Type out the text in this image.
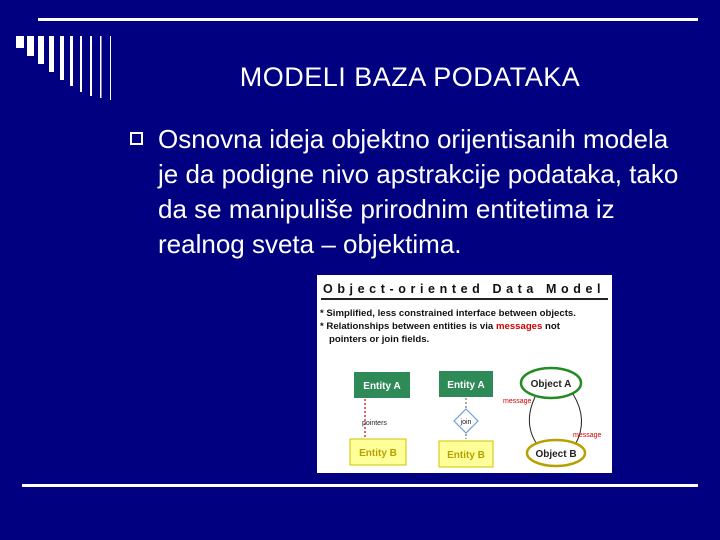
MODELI BAZA PODATAKA
Osnovna ideja objektno orijentisanih modela je da podigne nivo apstrakcije podataka, tako da se manipuliše prirodnim entitetima iz realnog sveta – objektima.
Object-oriented Data Model
* Simplified, less constrained interface between objects.
* Relationships between entities is via messages not
pointers or join fields.
Entity A
pointers
Entity B
Entity A
join
Entity B
Object A
message
message
Object B
